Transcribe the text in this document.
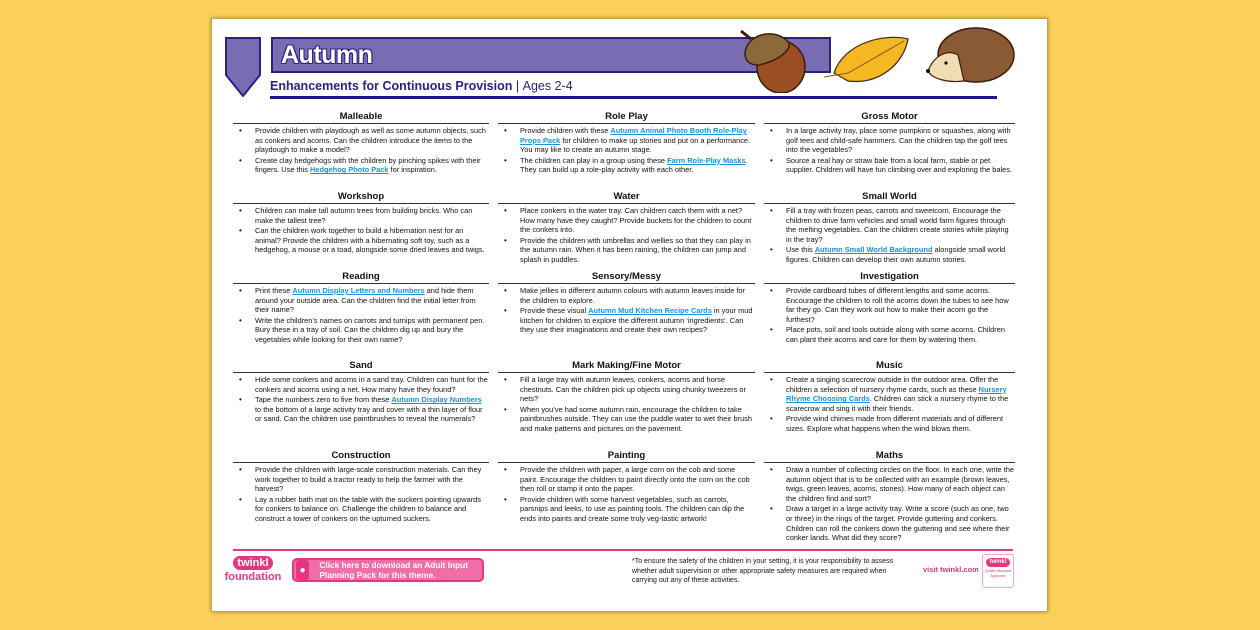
Autumn
Enhancements for Continuous Provision | Ages 2-4
Malleable
• Provide children with playdough as well as some autumn objects, such as conkers and acorns. Can the children introduce the items to the playdough to make a model?
• Create clay hedgehogs with the children by pinching spikes with their fingers. Use this Hedgehog Photo Pack for inspiration.
Role Play
• Provide children with these Autumn Animal Photo Booth Role-Play Props Pack for children to make up stories and put on a performance. You may like to create an autumn stage.
• The children can play in a group using these Farm Role-Play Masks. They can build up a role-play activity with each other.
Gross Motor
• In a large activity tray, place some pumpkins or squashes, along with golf tees and child-safe hammers. Can the children tap the golf tees into the vegetables?
• Source a real hay or straw bale from a local farm, stable or pet supplier. Children will have fun climbing over and exploring the bales.
Workshop
• Children can make tall autumn trees from building bricks. Who can make the tallest tree?
• Can the children work together to build a hibernation nest for an animal? Provide the children with a hibernating soft toy, such as a hedgehog, a mouse or a toad, alongside some dried leaves and twigs.
Water
• Place conkers in the water tray. Can children catch them with a net? How many have they caught? Provide buckets for the children to count the conkers into.
• Provide the children with umbrellas and wellies so that they can play in the autumn rain. When it has been raining, the children can jump and splash in puddles.
Small World
• Fill a tray with frozen peas, carrots and sweetcorn. Encourage the children to drive farm vehicles and small world farm figures through the melting vegetables. Can the children create stories while playing in the tray?
• Use this Autumn Small World Background alongside small world figures. Children can develop their own autumn stories.
Reading
• Print these Autumn Display Letters and Numbers and hide them around your outside area. Can the children find the initial letter from their name?
• Write the children’s names on carrots and turnips with permanent pen. Bury these in a tray of soil. Can the children dig up and bury the vegetables while looking for their own name?
Sensory/Messy
• Make jellies in different autumn colours with autumn leaves inside for the children to explore.
• Provide these visual Autumn Mud Kitchen Recipe Cards in your mud kitchen for children to explore the different autumn ‘ingredients’. Can they use their imaginations and create their own recipes?
Investigation
• Provide cardboard tubes of different lengths and some acorns. Encourage the children to roll the acorns down the tubes to see how far they go. Can they work out how to make their acorn go the furthest?
• Place pots, soil and tools outside along with some acorns. Children can plant their acorns and care for them by watering them.
Sand
• Hide some conkers and acorns in a sand tray. Children can hunt for the conkers and acorns using a net. How many have they found?
• Tape the numbers zero to five from these Autumn Display Numbers to the bottom of a large activity tray and cover with a thin layer of flour or sand. Can the children use paintbrushes to reveal the numerals?
Mark Making/Fine Motor
• Fill a large tray with autumn leaves, conkers, acorns and horse chestnuts. Can the children pick up objects using chunky tweezers or nets?
• When you’ve had some autumn rain, encourage the children to take paintbrushes outside. They can use the puddle water to wet their brush and make patterns and pictures on the pavement.
Music
• Create a singing scarecrow outside in the outdoor area. Offer the children a selection of nursery rhyme cards, such as these Nursery Rhyme Choosing Cards. Children can stick a nursery rhyme to the scarecrow and sing it with their friends.
• Provide wind chimes made from different materials and of different sizes. Explore what happens when the wind blows them.
Construction
• Provide the children with large-scale construction materials. Can they work together to build a tractor ready to help the farmer with the harvest?
• Lay a rubber bath mat on the table with the suckers pointing upwards for conkers to balance on. Challenge the children to balance and construct a tower of conkers on the upturned suckers.
Painting
• Provide the children with paper, a large corn on the cob and some paint. Encourage the children to paint directly onto the corn on the cob then roll or stamp it onto the paper.
• Provide children with some harvest vegetables, such as carrots, parsnips and leeks, to use as painting tools. The children can dip the ends into paints and create some truly veg-tastic artwork!
Maths
• Draw a number of collecting circles on the floor. In each one, write the autumn object that is to be collected with an example (brown leaves, twigs, green leaves, acorns, stones). How many of each object can the children find and sort?
• Draw a target in a large activity tray. Write a score (such as one, two or three) in the rings of the target. Provide guttering and conkers. Children can roll the conkers down the guttering and see where their conker lands. What did they score?
twinkl
foundation
●	Click here to download an Adult Input Planning Pack for this theme.
*To ensure the safety of the children in your setting, it is your responsibility to assess whether adult supervision or other appropriate safety measures are required when carrying out any of these activities.
visit twinkl.com
twinkl
Quality Standard Approved
